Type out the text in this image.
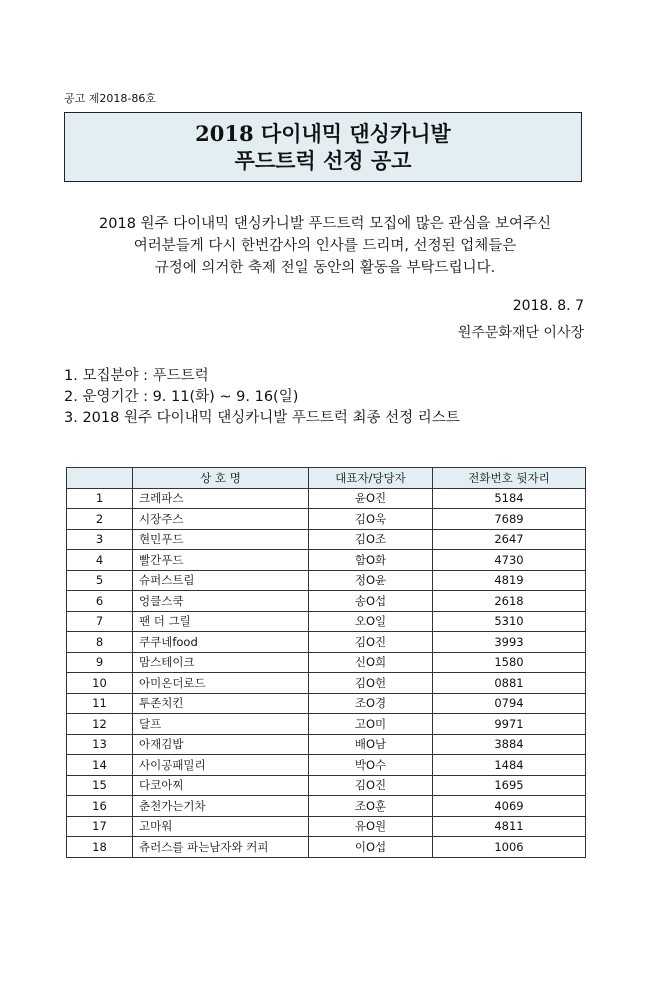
공고 제2018-86호
2018 다이내믹 댄싱카니발
푸드트럭 선정 공고
2018 원주 다이내믹 댄싱카니발 푸드트럭 모집에 많은 관심을 보여주신
여러분들게 다시 한번감사의 인사를 드리며, 선정된 업체들은
규정에 의거한 축제 전일 동안의 활동을 부탁드립니다.
2018. 8. 7
원주문화재단 이사장
1. 모집분야 : 푸드트럭
2. 운영기간 : 9. 11(화) ~ 9. 16(일)
3. 2018 원주 다이내믹 댄싱카니발 푸드트럭 최종 선정 리스트
	상 호 명	대표자/당당자	전화번호 뒷자리
1	크레파스	윤O진	5184
2	시장주스	김O욱	7689
3	현민푸드	김O조	2647
4	빨간푸드	함O화	4730
5	슈퍼스트림	정O윤	4819
6	엉클스쿡	송O섭	2618
7	팬 더 그릴	오O일	5310
8	쿠쿠네food	김O진	3993
9	맘스테이크	신O희	1580
10	아미온더로드	김O헌	0881
11	투존치킨	조O경	0794
12	달프	고O미	9971
13	아재김밥	배O남	3884
14	사이공패밀리	박O수	1484
15	다코아찌	김O진	1695
16	춘천가는기차	조O훈	4069
17	고마워	유O원	4811
18	츄러스를 파는남자와 커피	이O섭	1006
